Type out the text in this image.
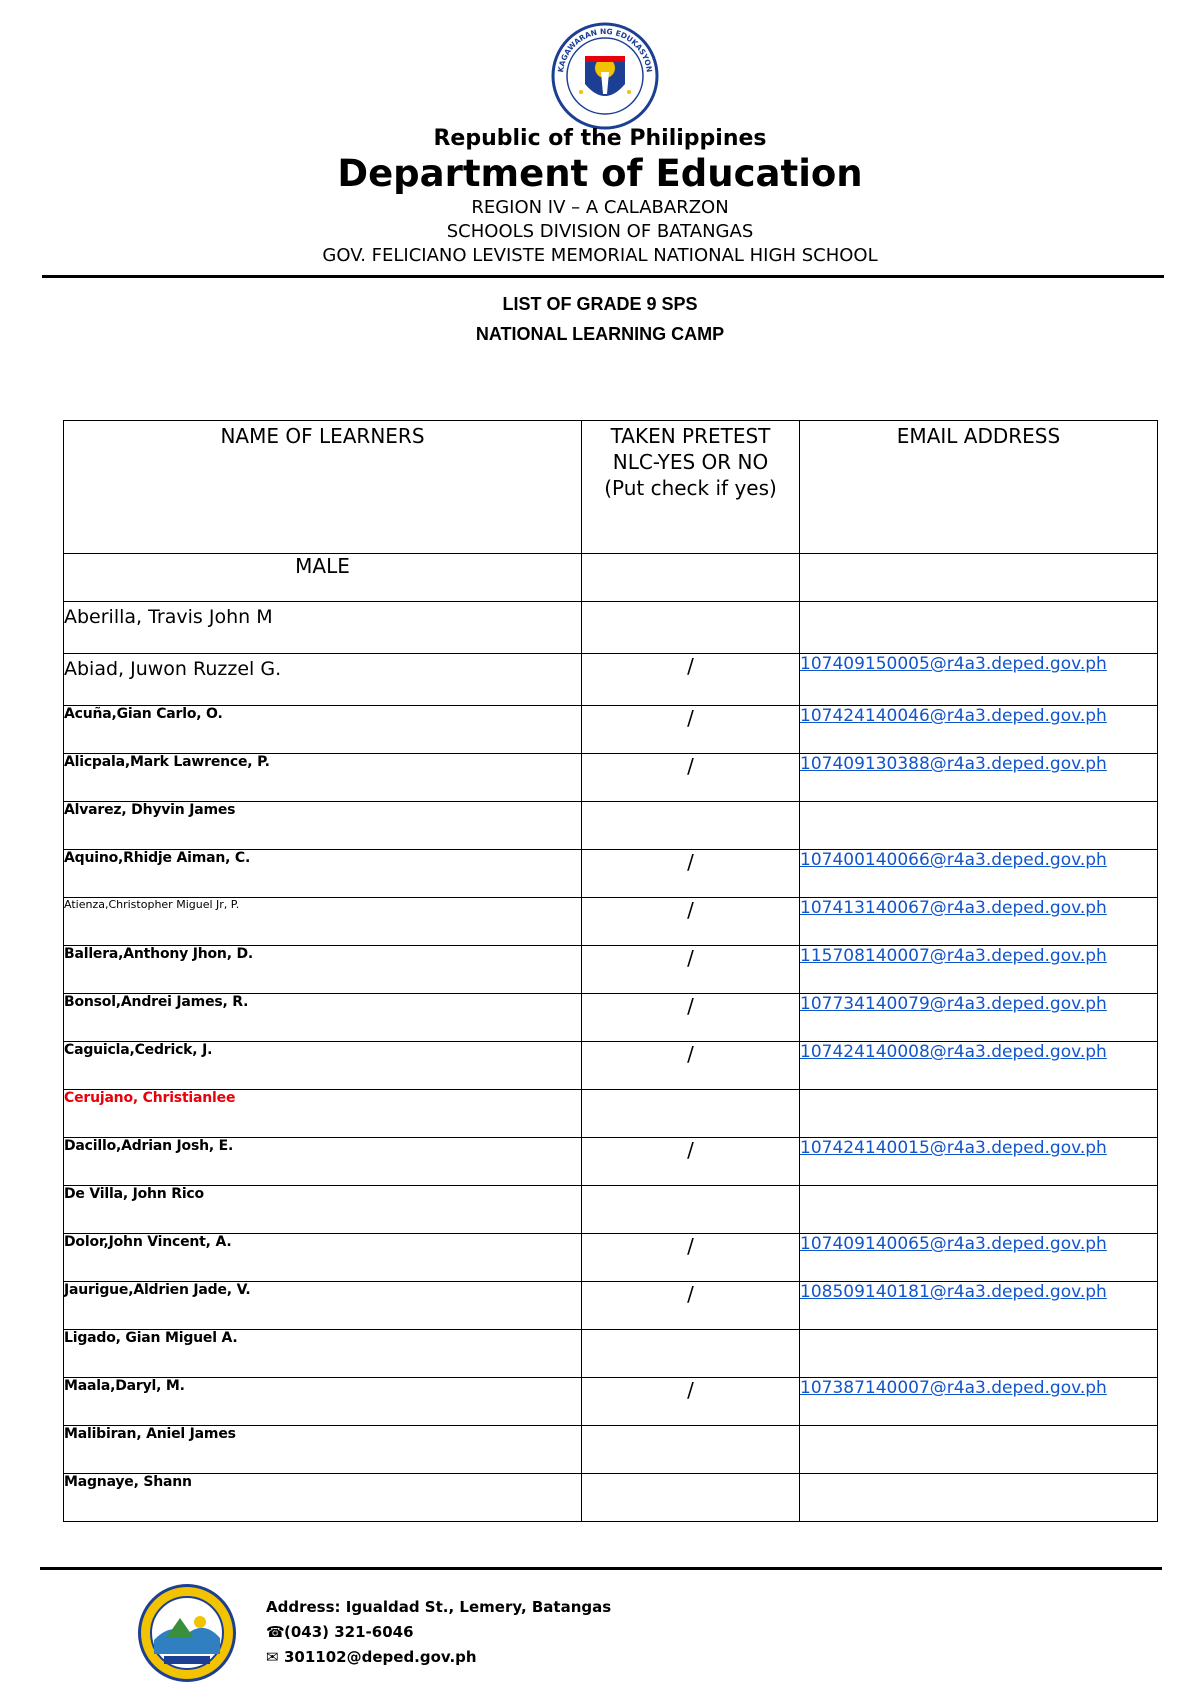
KAGAWARAN NG EDUKASYON
Republic of the Philippines
Department of Education
REGION IV – A CALABARZON
SCHOOLS DIVISION OF BATANGAS
GOV. FELICIANO LEVISTE MEMORIAL NATIONAL HIGH SCHOOL
LIST OF GRADE 9 SPS
NATIONAL LEARNING CAMP
NAME OF LEARNERS	TAKEN PRETEST NLC-YES OR NO (Put check if yes)	EMAIL ADDRESS
MALE		
Aberilla, Travis John M		
Abiad, Juwon Ruzzel G.	/	107409150005@r4a3.deped.gov.ph
Acuña,Gian Carlo, O.	/	107424140046@r4a3.deped.gov.ph
Alicpala,Mark Lawrence, P.	/	107409130388@r4a3.deped.gov.ph
Alvarez, Dhyvin James		
Aquino,Rhidje Aiman, C.	/	107400140066@r4a3.deped.gov.ph
Atienza,Christopher Miguel Jr, P.	/	107413140067@r4a3.deped.gov.ph
Ballera,Anthony Jhon, D.	/	115708140007@r4a3.deped.gov.ph
Bonsol,Andrei James, R.	/	107734140079@r4a3.deped.gov.ph
Caguicla,Cedrick, J.	/	107424140008@r4a3.deped.gov.ph
Cerujano, Christianlee		
Dacillo,Adrian Josh, E.	/	107424140015@r4a3.deped.gov.ph
De Villa, John Rico		
Dolor,John Vincent, A.	/	107409140065@r4a3.deped.gov.ph
Jaurigue,Aldrien Jade, V.	/	108509140181@r4a3.deped.gov.ph
Ligado, Gian Miguel A.		
Maala,Daryl, M.	/	107387140007@r4a3.deped.gov.ph
Malibiran, Aniel James		
Magnaye, Shann		
Address: Igualdad St., Lemery, Batangas
☎(043) 321-6046
✉ 301102@deped.gov.ph
